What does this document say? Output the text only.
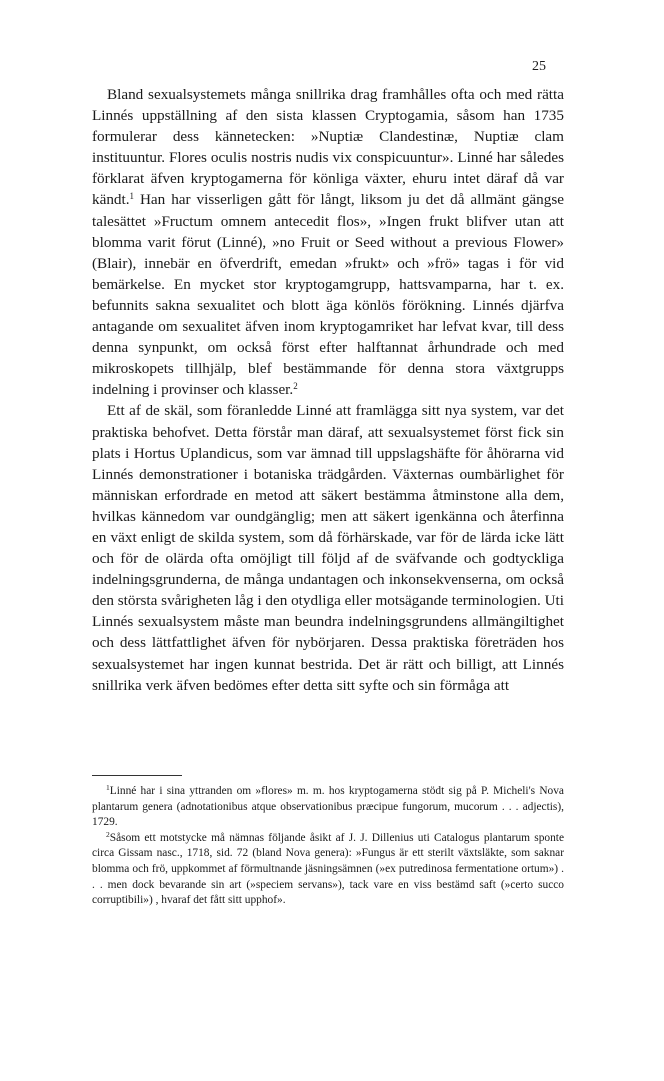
25

Bland sexualsystemets många snillrika drag framhålles ofta och med rätta Linnés uppställning af den sista klassen Cryptogamia, såsom han 1735 formulerar dess kännetecken: »Nuptiæ Clandestinæ, Nuptiæ clam instituuntur. Flores oculis nostris nudis vix conspicuuntur». Linné har således förklarat äfven kryptogamerna för könliga växter, ehuru intet däraf då var kändt.$^1$ Han har visserligen gått för långt, liksom ju det då allmänt gängse talesättet »Fructum omnem antecedit flos», »Ingen frukt blifver utan att blomma varit förut (Linné), »no Fruit or Seed without a previous Flower» (Blair), innebär en öfverdrift, emedan »frukt» och »frö» tagas i för vid bemärkelse. En mycket stor kryptogamgrupp, hattsvamparna, har t. ex. befunnits sakna sexualitet och blott äga könlös förökning. Linnés djärfva antagande om sexualitet äfven inom kryptogamriket har lefvat kvar, till dess denna synpunkt, om också först efter halftannat århundrade och med mikroskopets tillhjälp, blef bestämmande för denna stora växtgrupps indelning i provinser och klasser.$^2$

Ett af de skäl, som föranledde Linné att framlägga sitt nya system, var det praktiska behofvet. Detta förstår man däraf, att sexualsystemet först fick sin plats i Hortus Uplandicus, som var ämnad till uppslagshäfte för åhörarna vid Linnés demonstrationer i botaniska trädgården. Växternas oumbärlighet för människan erfordrade en metod att säkert bestämma åtminstone alla dem, hvilkas kännedom var oundgänglig; men att säkert igenkänna och återfinna en växt enligt de skilda system, som då förhärskade, var för de lärda icke lätt och för de olärda ofta omöjligt till följd af de sväfvande och godtyckliga indelningsgrunderna, de många undantagen och inkonsekvenserna, om också den största svårigheten låg i den otydliga eller motsägande terminologien. Uti Linnés sexualsystem måste man beundra indelningsgrundens allmängiltighet och dess lättfattlighet äfven för nybörjaren. Dessa praktiska företräden hos sexualsystemet har ingen kunnat bestrida. Det är rätt och billigt, att Linnés snillrika verk äfven bedömes efter detta sitt syfte och sin förmåga att

$^1$Linné har i sina yttranden om »flores» m. m. hos kryptogamerna stödt sig på P. Micheli's Nova plantarum genera (adnotationibus atque observationibus præcipue fungorum, mucorum . . . adjectis), 1729.

$^2$Såsom ett motstycke må nämnas följande åsikt af J. J. Dillenius uti Catalogus plantarum sponte circa Gissam nasc., 1718, sid. 72 (bland Nova genera): »Fungus är ett sterilt växtsläkte, som saknar blomma och frö, uppkommet af förmultnande jäsningsämnen (»ex putredinosa fermentatione ortum») . . . men dock bevarande sin art (»speciem servans»), tack vare en viss bestämd saft (»certo succo corruptibili») , hvaraf det fått sitt upphof».
